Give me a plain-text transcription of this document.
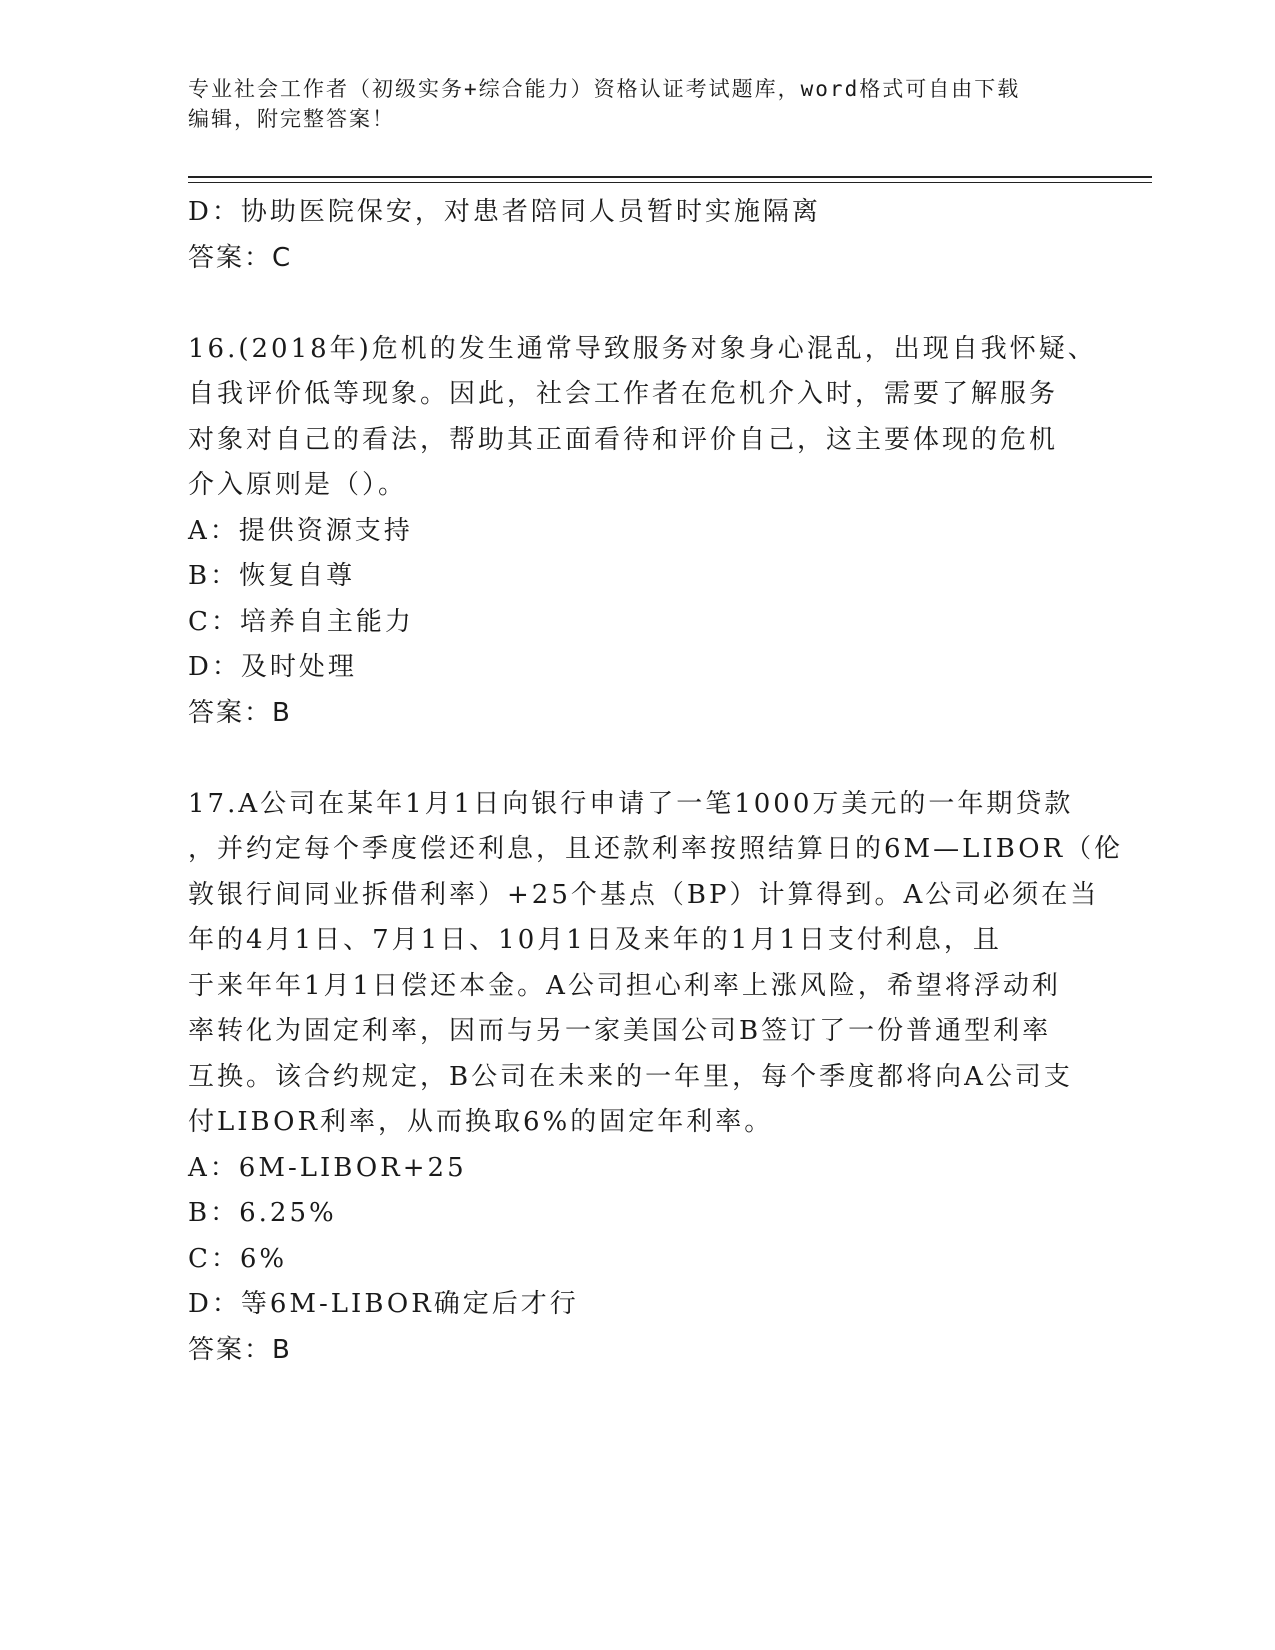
专业社会工作者（初级实务+综合能力）资格认证考试题库，word格式可自由下载
编辑，附完整答案！
D：协助医院保安，对患者陪同人员暂时实施隔离
答案：C
16.(2018年)危机的发生通常导致服务对象身心混乱，出现自我怀疑、
自我评价低等现象。因此，社会工作者在危机介入时，需要了解服务
对象对自己的看法，帮助其正面看待和评价自己，这主要体现的危机
介入原则是（）。
A：提供资源支持
B：恢复自尊
C：培养自主能力
D：及时处理
答案：B
17.A公司在某年1月1日向银行申请了一笔1000万美元的一年期贷款
，并约定每个季度偿还利息，且还款利率按照结算日的6M—LIBOR（伦
敦银行间同业拆借利率）+25个基点（BP）计算得到。A公司必须在当
年的4月1日、7月1日、10月1日及来年的1月1日支付利息，且
于来年年1月1日偿还本金。A公司担心利率上涨风险，希望将浮动利
率转化为固定利率，因而与另一家美国公司B签订了一份普通型利率
互换。该合约规定，B公司在未来的一年里，每个季度都将向A公司支
付LIBOR利率，从而换取6%的固定年利率。
A：6M-LIBOR+25
B：6.25%
C：6%
D：等6M-LIBOR确定后才行
答案：B
